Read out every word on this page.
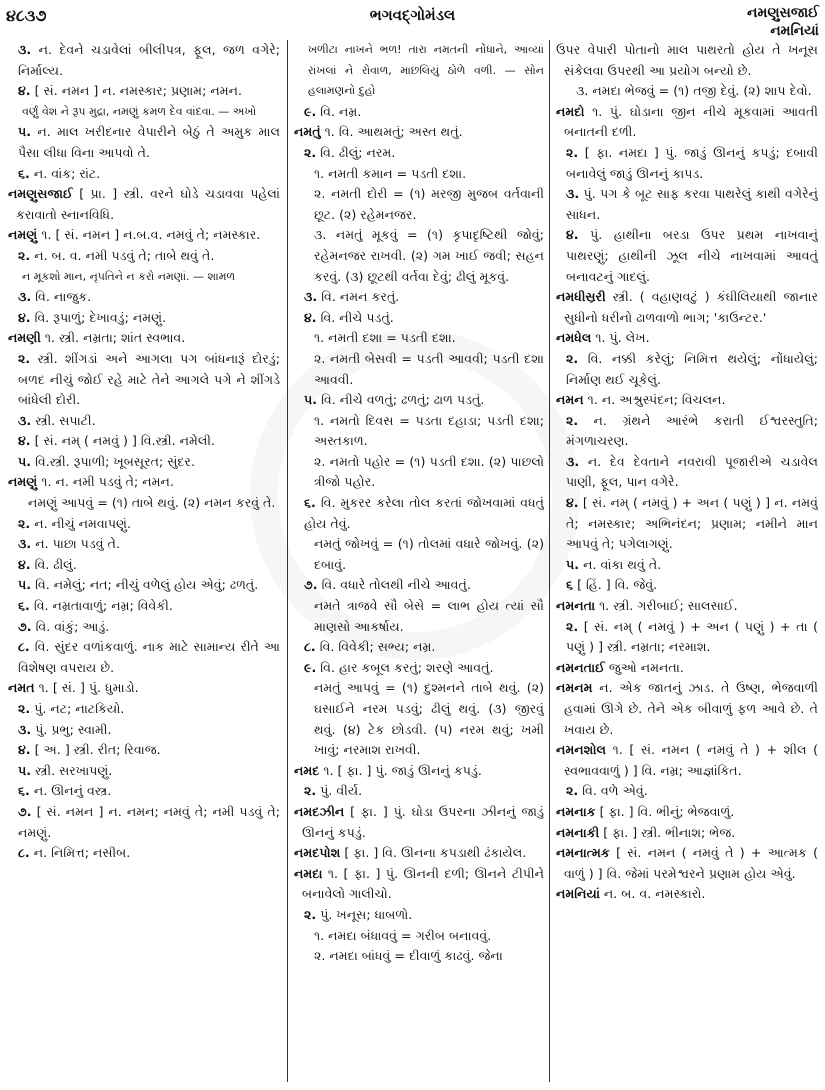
૪૮૩૭	ભગવદ્ગોમંડલ	નમણુસજાઈ
નમનિયાં

૩. ન. દેવને ચડાવેલાં બીલીપત્ર, ફૂલ, જળ વગેરે; નિર્માલ્ય.

૪. [ સં. નમન ] ન. નમસ્કાર; પ્રણામ; નમન.

વર્ણું વેશ ને રૂપ મુદ્રા, નમણું કમળ દેવ વાંદવા. — અખો

૫. ન. માલ ખરીદનાર વેપારીને બેઠું તે અમુક માલ પૈસા લીધા વિના આપવો તે.

૬. ન. વાંક; રાંટ.

નમણુસજાઈ [ પ્રા. ] સ્ત્રી. વરને ઘોડે ચડાવવા પહેલાં કરાવાતો સ્નાનવિધિ.

નમણું ૧. [ સં. નમન ] ન.બ.વ. નમવું તે; નમસ્કાર.

૨. ન. બ. વ. નમી પડવું તે; તાબે થવું તે.

ન મૂકશો માન, નૃપતિને ન કરો નમણાં. — શામળ

૩. વિ. નાજુક.

૪. વિ. રૂપાળું; દેખાવડું; નમણું.

નમણી ૧. સ્ત્રી. નમ્રતા; શાંત સ્વભાવ.

૨. સ્ત્રી. શીંગડાં અને આગલા પગ બાંધનારૂં દોરડું; બળદ નીચું જોઈ રહે માટે તેને આગલે પગે ને શીંગડે બાંધેલી દોરી.

૩. સ્ત્રી. સપાટી.

૪. [ સં. નમ્ ( નમવું ) ] વિ.સ્ત્રી. નમેલી.

૫. વિ.સ્ત્રી. રૂપાળી; ખૂબસૂરત; સુંદર.

નમણું ૧. ન. નમી પડવું તે; નમન.

નમણું આપવું = (૧) તાબે થવું. (૨) નમન કરવું તે.

૨. ન. નીચું નમવાપણું.

૩. ન. પાછા પડવું તે.

૪. વિ. ઢીલું.

૫. વિ. નમેલું; નત; નીચું વળેલું હોય એવું; ઢળતું.

૬. વિ. નમ્રતાવાળું; નમ્ર; વિવેકી.

૭. વિ. વાંકું; આડું.

૮. વિ. સુંદર વળાંકવાળું. નાક માટે સામાન્ય રીતે આ વિશેષણ વપરાય છે.

નમત ૧. [ સં. ] પું. ધુમાડો.

૨. પું. નટ; નાટકિયો.

૩. પું. પ્રભુ; સ્વામી.

૪. [ અ. ] સ્ત્રી. રીત; રિવાજ.

૫. સ્ત્રી. સરખાપણું.

૬. ન. ઊનનું વસ્ત્ર.

૭. [ સં. નમન ] ન. નમન; નમવું તે; નમી પડવું તે; નમણું.

૮. ન. નિમિત્ત; નસીબ.

ખળીટા નાખને ભળ! તારા નમતની નોંધાને, આવ્યાં રાંખલાં ને રોવાળ, માછલિયું ઠોળે વળી. — સોન હલામણનો દુહો

૯. વિ. નમ્ર.

નમતું ૧. વિ. આથમતું; અસ્ત થતું.

૨. વિ. ઢીલું; નરમ.

૧. નમતી કમાન = પડતી દશા.

૨. નમતી દોરી = (૧) મરજી મુજબ વર્તવાની છૂટ. (૨) રહેમનજર.

૩. નમતું મૂકવું = (૧) કૃપાદૃષ્ટિથી જોવું; રહેમનજર રાખવી. (૨) ગમ ખાઈ જવી; સહન કરવું. (૩) છૂટથી વર્તવા દેવું; ઢીલું મૂકવું.

૩. વિ. નમન કરતું.

૪. વિ. નીચે પડતું.

૧. નમતી દશા = પડતી દશા.

૨. નમતી બેસવી = પડતી આવવી; પડતી દશા આવવી.

૫. વિ. નીચે વળતું; ઢળતું; ઢાળ પડતું.

૧. નમતો દિવસ = પડતા દહાડા; પડતી દશા; અસ્તકાળ.

૨. નમતો પહોર = (૧) પડતી દશા. (૨) પાછલો ત્રીજો પહોર.

૬. વિ. મુકરર કરેલા તોલ કરતાં જોખવામાં વધતું હોય તેવું.

નમતું જોખવું = (૧) તોલમાં વધારે જોખવું. (૨) દબાવું.

૭. વિ. વધારે તોલથી નીચે આવતું.

નમતે ત્રાજવે સૌ બેસે = લાભ હોય ત્યાં સૌ માણસો આકર્ષાય.

૮. વિ. વિવેકી; સભ્ય; નમ્ર.

૯. વિ. હાર કબૂલ કરતું; શરણે આવતું.

નમતું આપવું = (૧) દુશ્મનને તાબે થવું. (૨) ઘસાઈને નરમ પડવું; ઢીલું થવું. (૩) જીરવું થવું. (૪) ટેક છોડવી. (૫) નરમ થવું; ખમી ખાવું; નરમાશ રાખવી.

નમદ ૧. [ ફા. ] પું. જાડું ઊનનું કપડું.

૨. પું. વીર્ય.

નમદઝીન [ ફા. ] પું. ઘોડા ઉપરના ઝીનનું જાડું ઊનનું કપડું.

નમદપોશ [ ફા. ] વિ. ઊનના કપડાથી ઢંકાયેલ.

નમદા ૧. [ ફા. ] પું. ઊનની દળી; ઊનને ટીપીને બનાવેલો ગાલીચો.

૨. પું. ખનૂસ; ધાબળો.

૧. નમદા બંધાવવું = ગરીબ બનાવવું.

૨. નમદા બાંધવું = દીવાળું કાઢવું. જેના

ઉપર વેપારી પોતાનો માલ પાથરતો હોય તે ખનૂસ સંકેલવા ઉપરથી આ પ્રયોગ બન્યો છે.

૩. નમદા ભેજવું = (૧) તજી દેવું. (૨) શાપ દેવો.

નમદો ૧. પું. ઘોડાના જીન નીચે મૂકવામાં આવતી બનાતની દળી.

૨. [ ફા. નમદા ] પું. જાડું ઊનનું કપડું; દબાવી બનાવેલું જાડું ઊનનું કાપડ.

૩. પું. પગ કે બૂટ સાફ કરવા પાથરેલું કાથી વગેરેનું સાધન.

૪. પું. હાથીના બરડા ઉપર પ્રથમ નાખવાનું પાથરણું; હાથીની ઝૂલ નીચે નાખવામાં આવતું બનાવટનું ગાદલું.

નમધીસ્રરી સ્ત્રી. ( વહાણવટું ) કંઘીલિયાથી જાનાર સુધીનો ધરીનો ઢાળવાળો ભાગ; 'કાઉન્ટર.'

નમધેલ ૧. પું. લેખ.

૨. વિ. નક્કી કરેલું; નિમિત્ત થયેલું; નોંધાયેલું; નિર્માણ થઈ ચૂકેલું.

નમન ૧. ન. અશ્રુસ્પંદન; વિચલન.

૨. ન. ગ્રંથને આરંભે કરાતી ઈશ્વરસ્તુતિ; મંગળાચરણ.

૩. ન. દેવ દેવતાને નવરાવી પૂજારીએ ચડાવેલ પાણી, ફૂલ, પાન વગેરે.

૪. [ સં. નમ્ ( નમવું ) + અન ( પણું ) ] ન. નમવું તે; નમસ્કાર; અભિનંદન; પ્રણામ; નમીને માન આપવું તે; પગેલાગણું.

૫. ન. વાંકા થવું તે.

૬ [ હિં. ] વિ. જેવું.

નમનતા ૧. સ્ત્રી. ગરીબાઈ; સાલસાઈ.

૨. [ સં. નમ્ ( નમવું ) + અન ( પણું ) + તા ( પણું ) ] સ્ત્રી. નમ્રતા; નરમાશ.

નમનતાઈ જુઓ નમનતા.

નમનમ ન. એક જાતનું ઝાડ. તે ઉષ્ણ, ભેજવાળી હવામાં ઊગે છે. તેને એક બીવાળું ફળ આવે છે. તે ખવાય છે.

નમનશોલ ૧. [ સં. નમન ( નમવું તે ) + શીલ ( સ્વભાવવાળું ) ] વિ. નમ્ર; આજ્ઞાંકિત.

૨. વિ. વળે એવું.

નમનાક [ ફા. ] વિ. ભીનું; ભેજવાળું.

નમનાકી [ ફા. ] સ્ત્રી. ભીનાશ; ભેજ.

નમનાત્મક [ સં. નમન ( નમવું તે ) + આત્મક ( વાળું ) ] વિ. જેમાં પરમેશ્વરને પ્રણામ હોય એવું.

નમનિયાં ન. બ. વ. નમસ્કારો.
